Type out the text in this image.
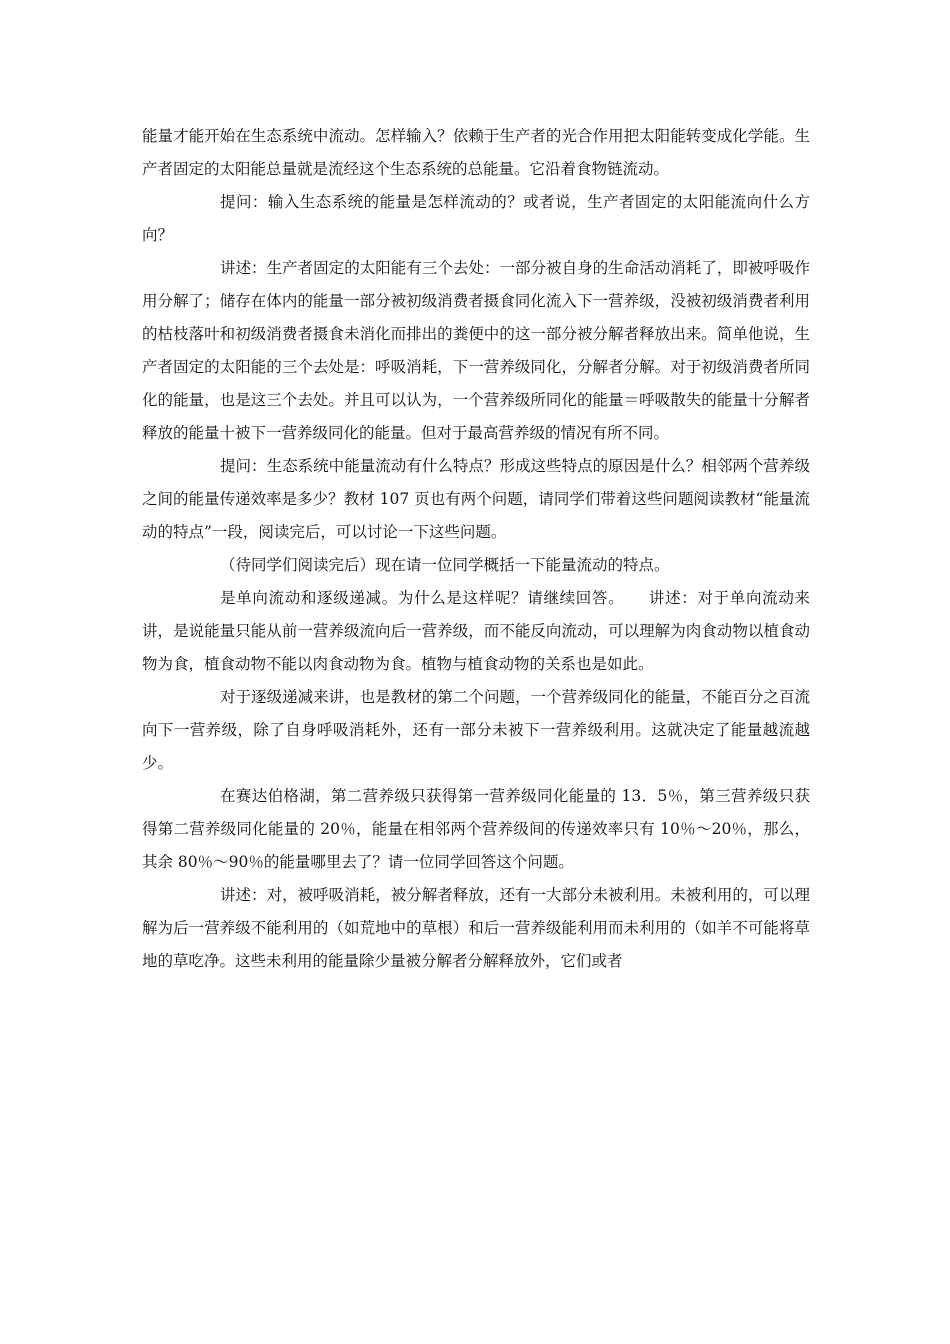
能量才能开始在生态系统中流动。怎样输入？依赖于生产者的光合作用把太阳能转变成化学能。生产者固定的太阳能总量就是流经这个生态系统的总能量。它沿着食物链流动。

提问：输入生态系统的能量是怎样流动的？或者说，生产者固定的太阳能流向什么方向？

讲述：生产者固定的太阳能有三个去处：一部分被自身的生命活动消耗了，即被呼吸作用分解了；储存在体内的能量一部分被初级消费者摄食同化流入下一营养级，没被初级消费者利用的枯枝落叶和初级消费者摄食未消化而排出的粪便中的这一部分被分解者释放出来。简单他说，生产者固定的太阳能的三个去处是：呼吸消耗，下一营养级同化，分解者分解。对于初级消费者所同化的能量，也是这三个去处。并且可以认为，一个营养级所同化的能量＝呼吸散失的能量十分解者释放的能量十被下一营养级同化的能量。但对于最高营养级的情况有所不同。

提问：生态系统中能量流动有什么特点？形成这些特点的原因是什么？相邻两个营养级之间的能量传递效率是多少？教材 107 页也有两个问题，请同学们带着这些问题阅读教材“能量流动的特点”一段，阅读完后，可以讨论一下这些问题。

（待同学们阅读完后）现在请一位同学概括一下能量流动的特点。

是单向流动和逐级递减。为什么是这样呢？请继续回答。　　讲述：对于单向流动来讲，是说能量只能从前一营养级流向后一营养级，而不能反向流动，可以理解为肉食动物以植食动物为食，植食动物不能以肉食动物为食。植物与植食动物的关系也是如此。

对于逐级递减来讲，也是教材的第二个问题，一个营养级同化的能量，不能百分之百流向下一营养级，除了自身呼吸消耗外，还有一部分未被下一营养级利用。这就决定了能量越流越少。

在赛达伯格湖，第二营养级只获得第一营养级同化能量的 13．5％，第三营养级只获得第二营养级同化能量的 20％，能量在相邻两个营养级间的传递效率只有 10％～20％，那么，其余 80％～90％的能量哪里去了？请一位同学回答这个问题。

讲述：对，被呼吸消耗，被分解者释放，还有一大部分未被利用。未被利用的，可以理解为后一营养级不能利用的（如荒地中的草根）和后一营养级能利用而未利用的（如羊不可能将草地的草吃净。这些未利用的能量除少量被分解者分解释放外，它们或者
